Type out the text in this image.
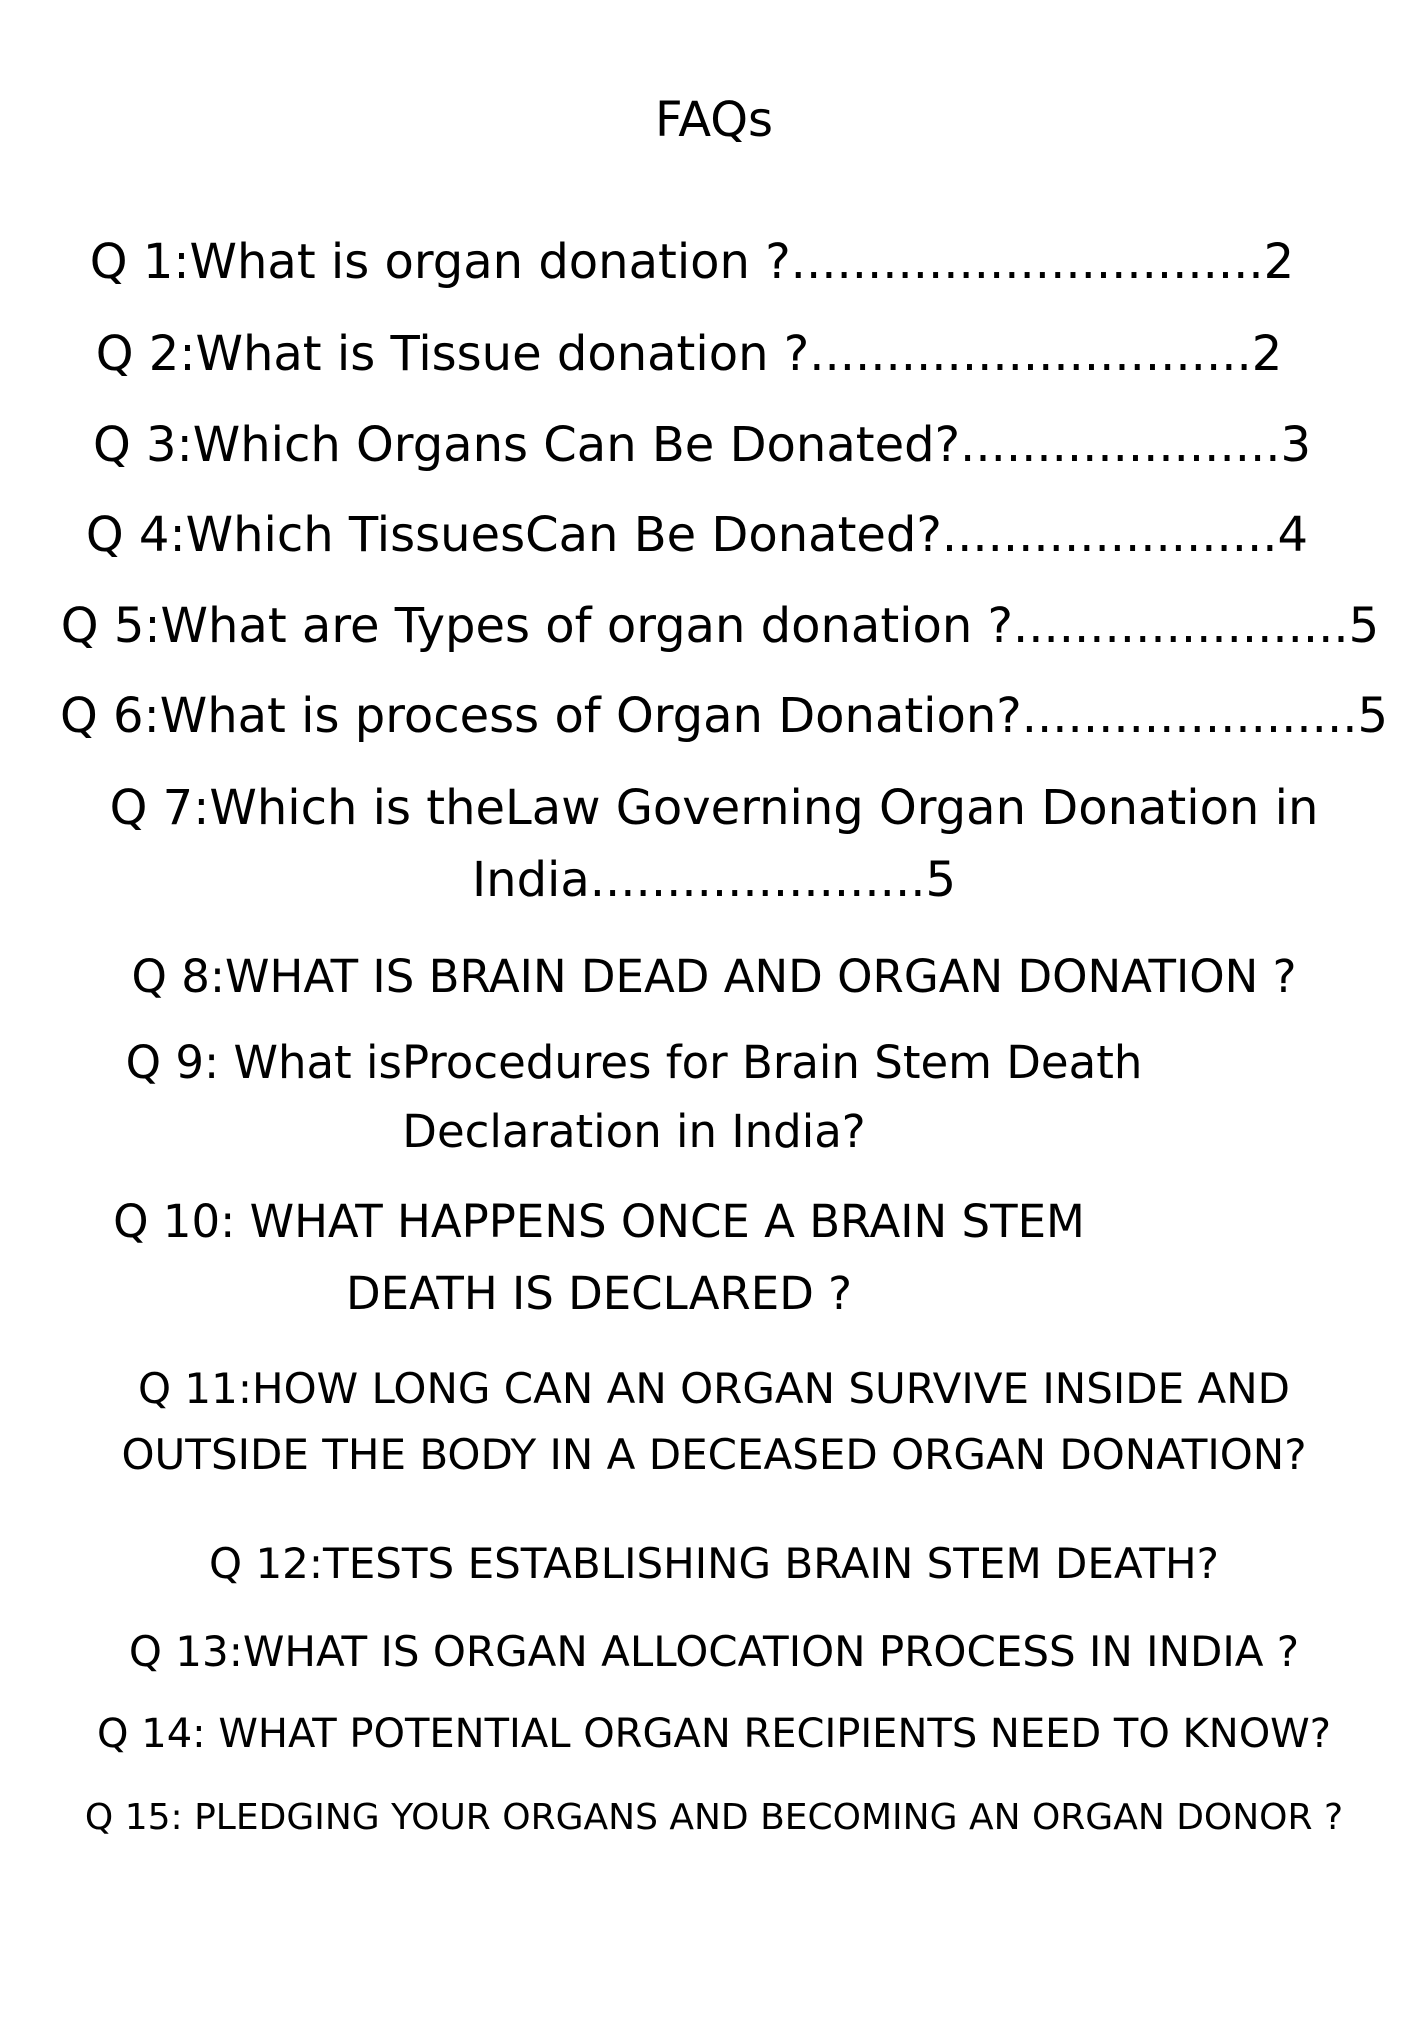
FAQs
Q 1:What is organ donation ?...............................2
Q 2:What is Tissue donation ?.............................2
Q 3:Which Organs Can Be Donated?.....................3
Q 4:Which TissuesCan Be Donated?......................4
Q 5:What are Types of organ donation ?......................5
Q 6:What is process of Organ Donation?......................5
Q 7:Which is theLaw Governing Organ Donation in
India......................5
Q 8:WHAT IS BRAIN DEAD AND ORGAN DONATION ?
Q 9: What isProcedures for Brain Stem Death
Declaration in India?
Q 10: WHAT HAPPENS ONCE A BRAIN STEM
DEATH IS DECLARED ?
Q 11:HOW LONG CAN AN ORGAN SURVIVE INSIDE AND
OUTSIDE THE BODY IN A DECEASED ORGAN DONATION?
Q 12:TESTS ESTABLISHING BRAIN STEM DEATH?
Q 13:WHAT IS ORGAN ALLOCATION PROCESS IN INDIA ?
Q 14: WHAT POTENTIAL ORGAN RECIPIENTS NEED TO KNOW?
Q 15: PLEDGING YOUR ORGANS AND BECOMING AN ORGAN DONOR ?
